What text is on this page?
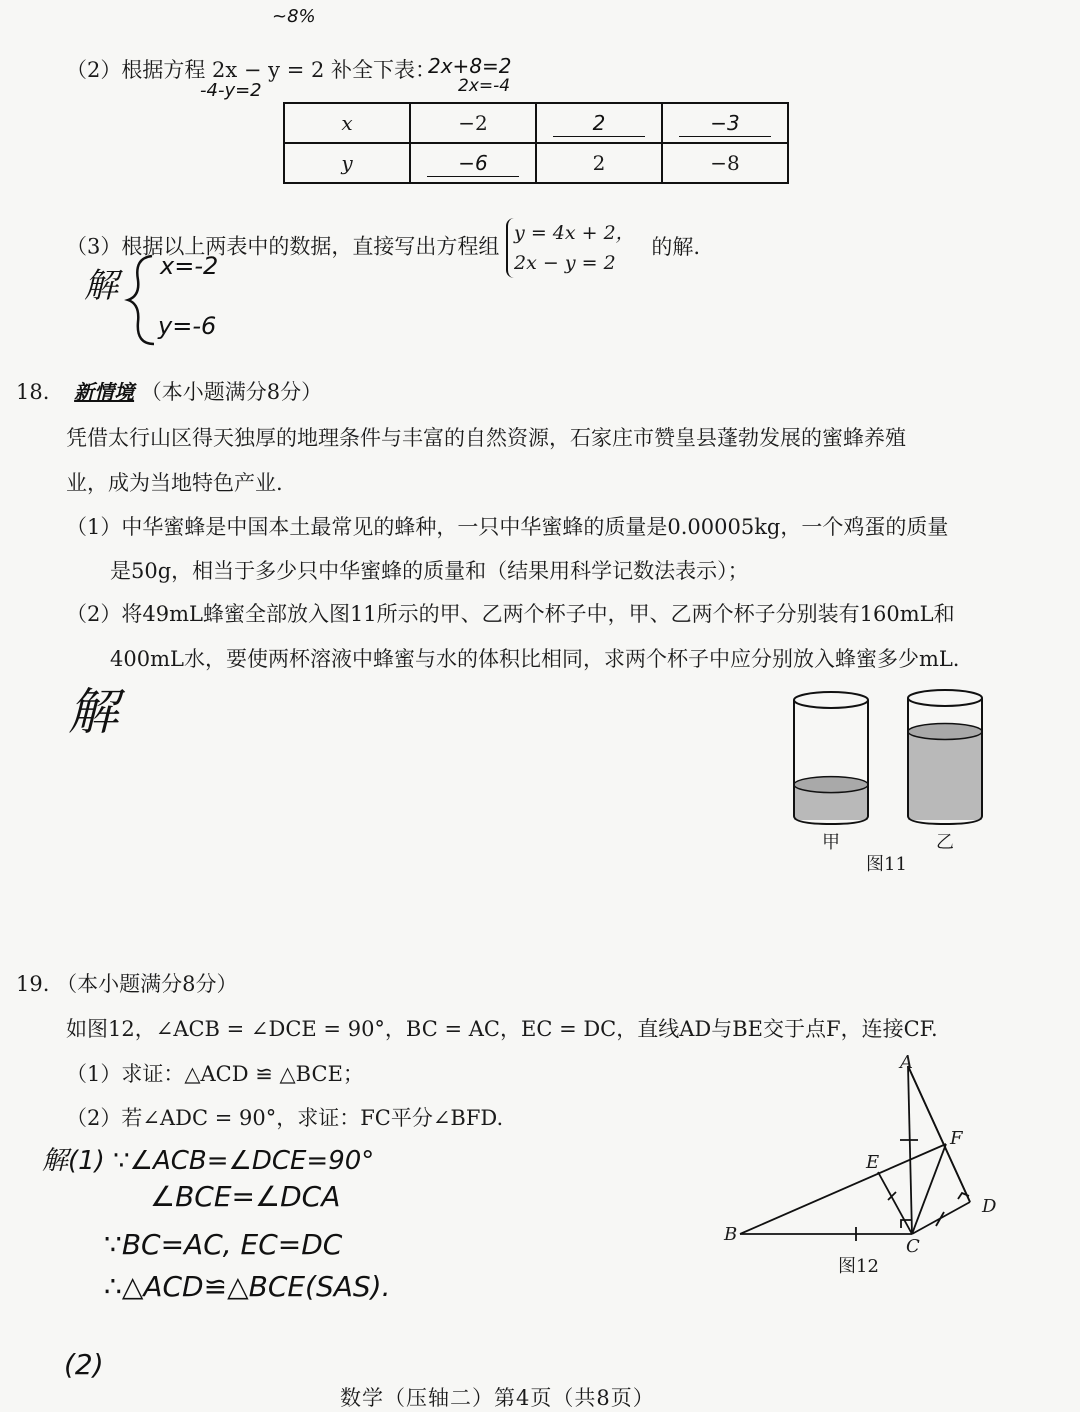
~8%
（2）根据方程 2x − y = 2 补全下表：
2x+8=2
-4-y=2	2x=-4
x	−2	2	−3
y	−6	2	−8
（3）根据以上两表中的数据，直接写出方程组
y = 4x + 2，
2x − y = 2
的解.
解 x=-2
y=-6
18. 新情境 （本小题满分8分）
凭借太行山区得天独厚的地理条件与丰富的自然资源，石家庄市赞皇县蓬勃发展的蜜蜂养殖
业，成为当地特色产业.
（1）中华蜜蜂是中国本土最常见的蜂种，一只中华蜜蜂的质量是0.00005kg，一个鸡蛋的质量
是50g，相当于多少只中华蜜蜂的质量和（结果用科学记数法表示）；
（2）将49mL蜂蜜全部放入图11所示的甲、乙两个杯子中，甲、乙两个杯子分别装有160mL和
400mL水，要使两杯溶液中蜂蜜与水的体积比相同，求两个杯子中应分别放入蜂蜜多少mL.
解
甲	乙
图11
19. （本小题满分8分）
如图12，∠ACB = ∠DCE = 90°，BC = AC，EC = DC，直线AD与BE交于点F，连接CF.
（1）求证：△ACD ≌ △BCE；
（2）若∠ADC = 90°，求证：FC平分∠BFD.
解(1) ∵∠ACB=∠DCE=90°
∠BCE=∠DCA
∵BC=AC, EC=DC
∴△ACD≌△BCE(SAS).
(2)
A
B
C
D
E
F
图12
数学（压轴二）第4页（共8页）
